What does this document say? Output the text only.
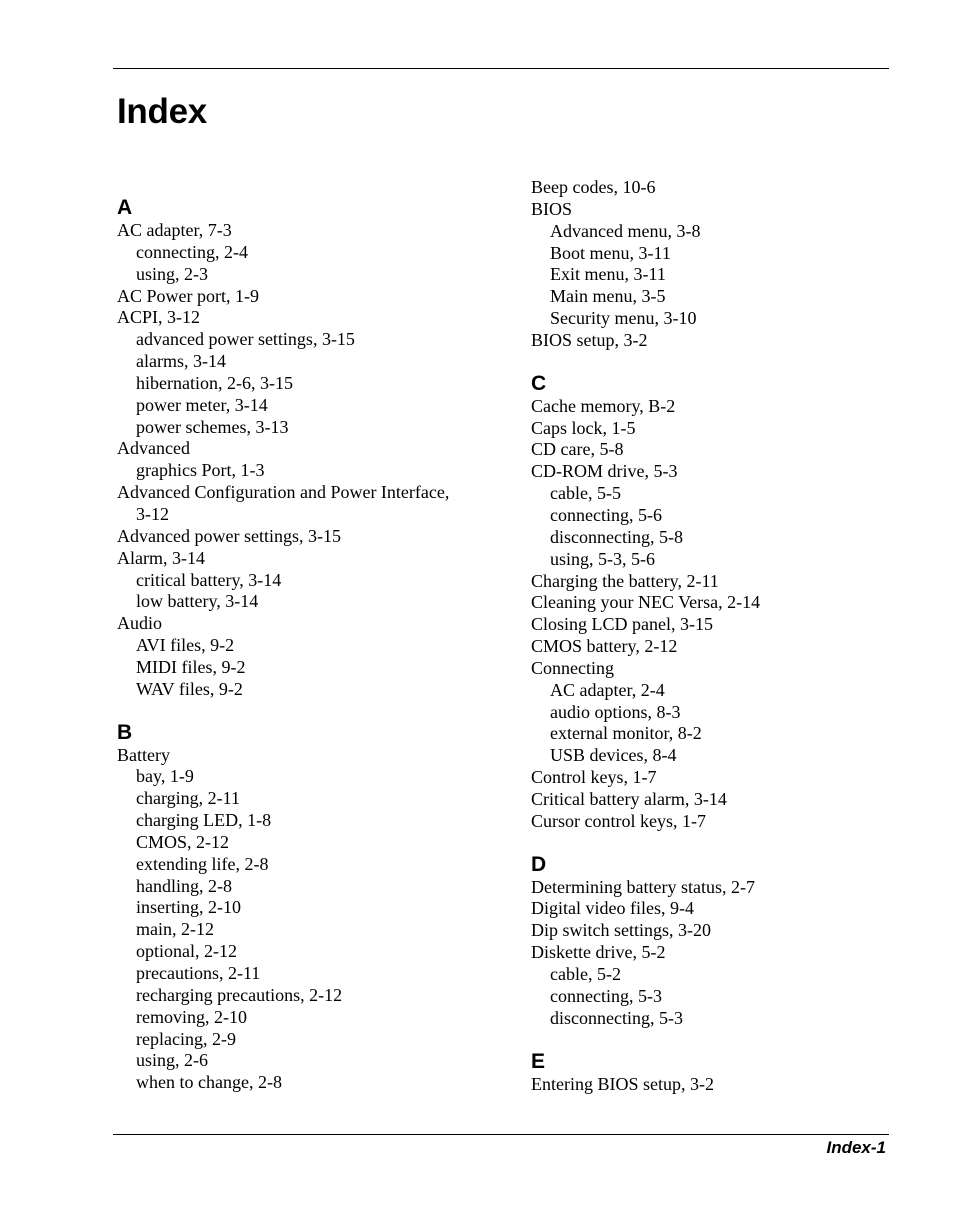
Index
A
AC adapter, 7-3
connecting, 2-4
using, 2-3
AC Power port, 1-9
ACPI, 3-12
advanced power settings, 3-15
alarms, 3-14
hibernation, 2-6, 3-15
power meter, 3-14
power schemes, 3-13
Advanced
graphics Port, 1-3
Advanced Configuration and Power Interface,
3-12
Advanced power settings, 3-15
Alarm, 3-14
critical battery, 3-14
low battery, 3-14
Audio
AVI files, 9-2
MIDI files, 9-2
WAV files, 9-2
B
Battery
bay, 1-9
charging, 2-11
charging LED, 1-8
CMOS, 2-12
extending life, 2-8
handling, 2-8
inserting, 2-10
main, 2-12
optional, 2-12
precautions, 2-11
recharging precautions, 2-12
removing, 2-10
replacing, 2-9
using, 2-6
when to change, 2-8
Beep codes, 10-6
BIOS
Advanced menu, 3-8
Boot menu, 3-11
Exit menu, 3-11
Main menu, 3-5
Security menu, 3-10
BIOS setup, 3-2
C
Cache memory, B-2
Caps lock, 1-5
CD care, 5-8
CD-ROM drive, 5-3
cable, 5-5
connecting, 5-6
disconnecting, 5-8
using, 5-3, 5-6
Charging the battery, 2-11
Cleaning your NEC Versa, 2-14
Closing LCD panel, 3-15
CMOS battery, 2-12
Connecting
AC adapter, 2-4
audio options, 8-3
external monitor, 8-2
USB devices, 8-4
Control keys, 1-7
Critical battery alarm, 3-14
Cursor control keys, 1-7
D
Determining battery status, 2-7
Digital video files, 9-4
Dip switch settings, 3-20
Diskette drive, 5-2
cable, 5-2
connecting, 5-3
disconnecting, 5-3
E
Entering BIOS setup, 3-2
Index-1
